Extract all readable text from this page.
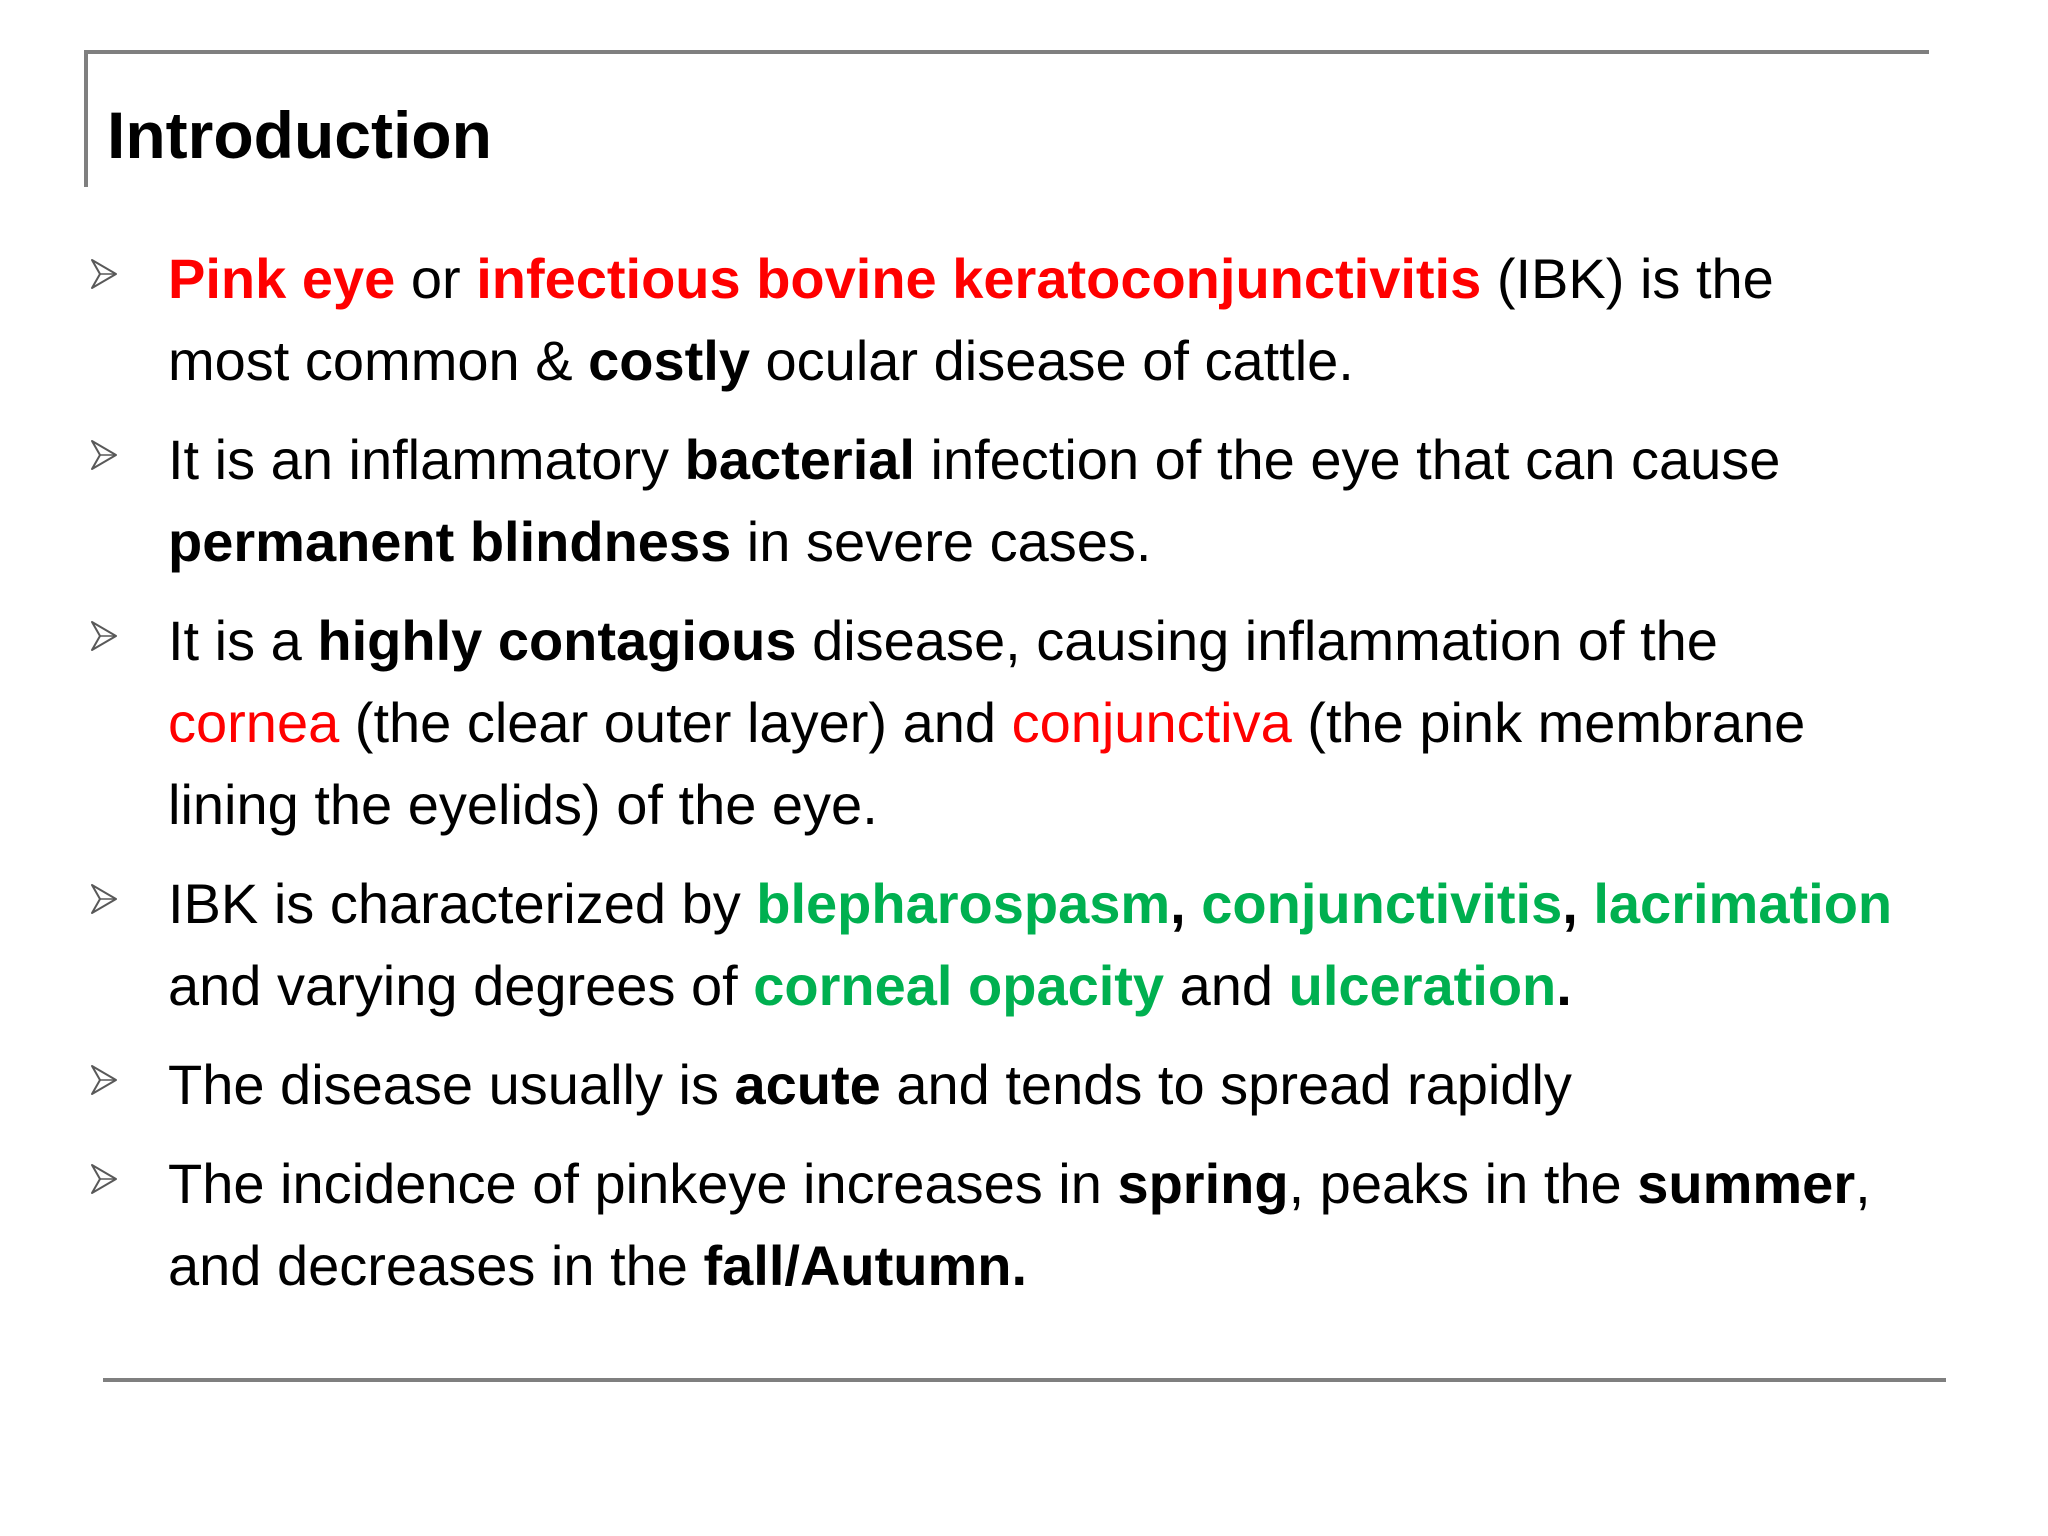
Introduction
Pink eye or infectious bovine keratoconjunctivitis (IBK) is the
most common & costly ocular disease of cattle.
It is an inflammatory bacterial infection of the eye that can cause
permanent blindness in severe cases.
It is a highly contagious disease, causing inflammation of the
cornea (the clear outer layer) and conjunctiva (the pink membrane
lining the eyelids) of the eye.
IBK is characterized by blepharospasm, conjunctivitis, lacrimation
and varying degrees of corneal opacity and ulceration.
The disease usually is acute and tends to spread rapidly
The incidence of pinkeye increases in spring, peaks in the summer,
and decreases in the fall/Autumn.
